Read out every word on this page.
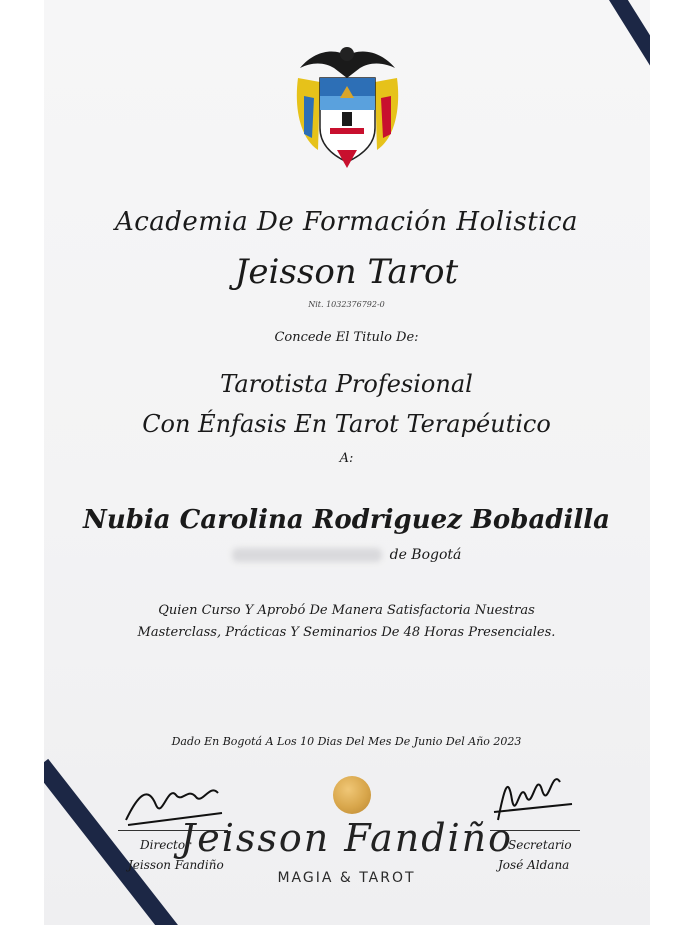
Academia De Formación Holistica
Jeisson Tarot
Nit. 1032376792-0
Concede El Titulo De:
Tarotista Profesional
Con Énfasis En Tarot Terapéutico
A:
Nubia Carolina Rodriguez Bobadilla
de Bogotá
Quien Curso Y Aprobó De Manera Satisfactoria Nuestras
Masterclass, Prácticas Y Seminarios De 48 Horas Presenciales.
Dado En Bogotá A Los 10 Dias Del Mes De Junio Del Año 2023
Director
Jeisson Fandiño
Secretario
José Aldana
Jeisson Fandiño
MAGIA & TAROT
